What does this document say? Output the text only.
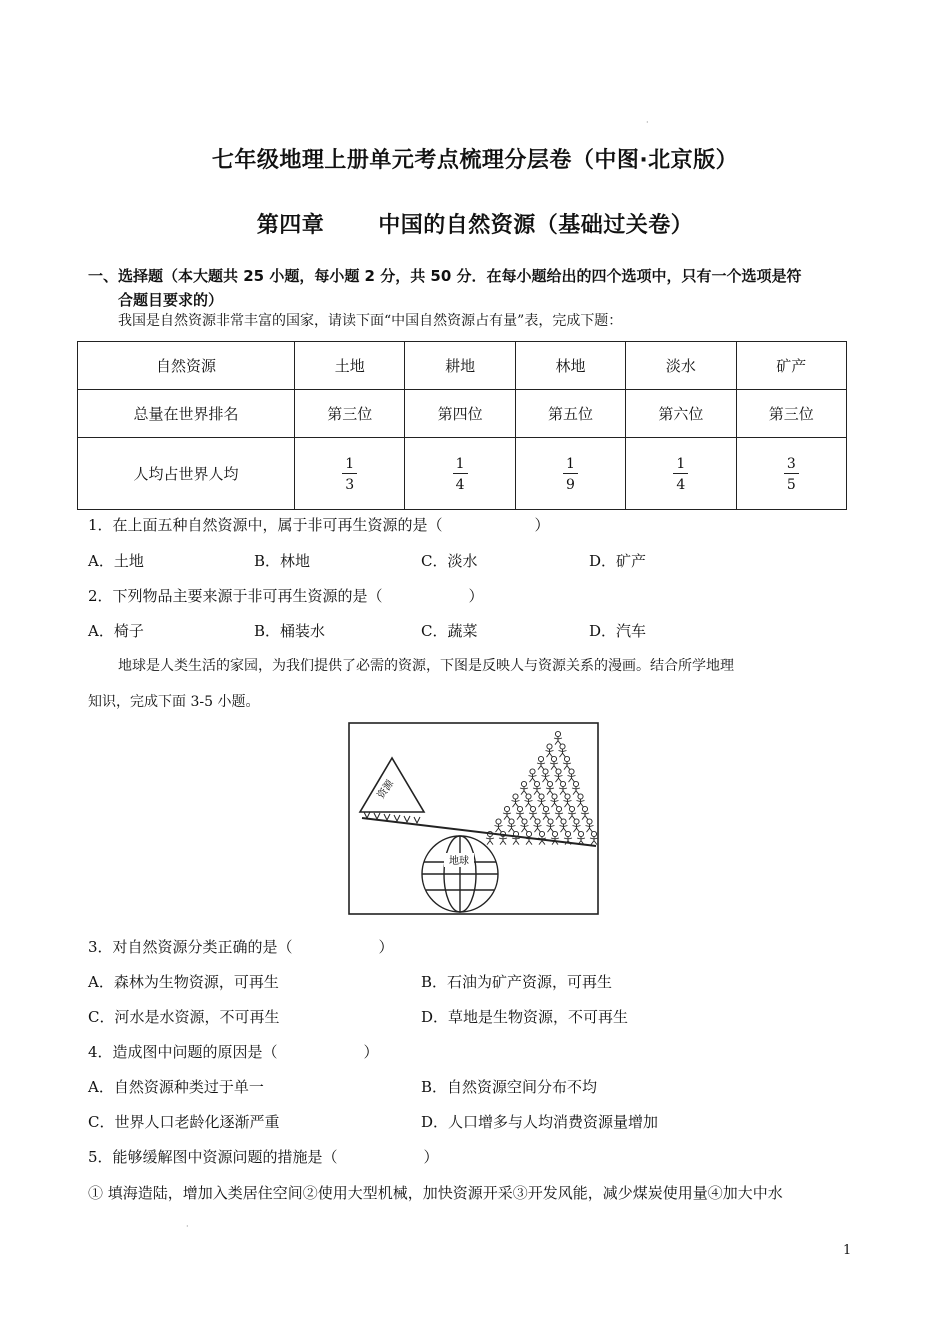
·
·
七年级地理上册单元考点梳理分层卷（中图·北京版）
第四章 中国的自然资源（基础过关卷）
一、选择题（本大题共 25 小题，每小题 2 分，共 50 分．在每小题给出的四个选项中，只有一个选项是符
合题目要求的）
我国是自然资源非常丰富的国家，请读下面“中国自然资源占有量”表，完成下题：
自然资源	土地	耕地	林地	淡水	矿产
总量在世界排名	第三位	第四位	第五位	第六位	第三位
人均占世界人均	$\frac{1}{3}$	$\frac{1}{4}$	$\frac{1}{9}$	$\frac{1}{4}$	$\frac{3}{5}$
1．在上面五种自然资源中，属于非可再生资源的是（	）
A．土地	B．林地	C．淡水	D．矿产
2．下列物品主要来源于非可再生资源的是（	）
A．椅子	B．桶装水	C．蔬菜	D．汽车
地球是人类生活的家园，为我们提供了必需的资源，下图是反映人与资源关系的漫画。结合所学地理
知识，完成下面 3-5 小题。
资源
地球
3．对自然资源分类正确的是（	）
A．森林为生物资源，可再生	B．石油为矿产资源，可再生
C．河水是水资源，不可再生	D．草地是生物资源，不可再生
4．造成图中问题的原因是（	）
A．自然资源种类过于单一	B．自然资源空间分布不均
C．世界人口老龄化逐渐严重	D．人口增多与人均消费资源量增加
5．能够缓解图中资源问题的措施是（	）
① 填海造陆，增加入类居住空间②使用大型机械，加快资源开采③开发风能，减少煤炭使用量④加大中水
1
